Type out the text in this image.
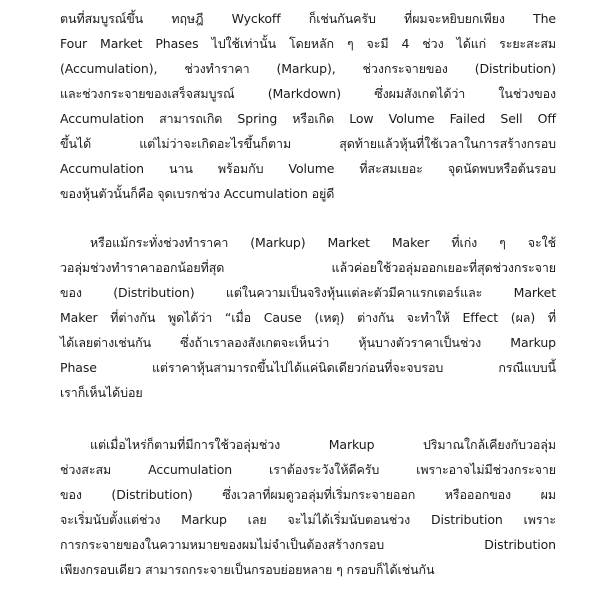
ตนที่สมบูรณ์ขึ้น ทฤษฎี Wyckoff ก็เช่นกันครับ ที่ผมจะหยิบยกเพียง The
Four Market Phases ไปใช้เท่านั้น โดยหลัก ๆ จะมี 4 ช่วง ได้แก่ ระยะสะสม
(Accumulation), ช่วงทำราคา (Markup), ช่วงกระจายของ (Distribution)
และช่วงกระจายของเสร็จสมบูรณ์ (Markdown) ซึ่งผมสังเกตได้ว่า ในช่วงของ
Accumulation สามารถเกิด Spring หรือเกิด Low Volume Failed Sell Off
ขึ้นได้ แต่ไม่ว่าจะเกิดอะไรขึ้นก็ตาม สุดท้ายแล้วหุ้นที่ใช้เวลาในการสร้างกรอบ
Accumulation นาน พร้อมกับ Volume ที่สะสมเยอะ จุดนัดพบหรือต้นรอบ
ของหุ้นตัวนั้นก็คือ จุดเบรกช่วง Accumulation อยู่ดี
หรือแม้กระทั่งช่วงทำราคา (Markup) Market Maker ที่เก่ง ๆ จะใช้
วอลุ่มช่วงทำราคาออกน้อยที่สุด แล้วค่อยใช้วอลุ่มออกเยอะที่สุดช่วงกระจาย
ของ (Distribution) แต่ในความเป็นจริงหุ้นแต่ละตัวมีคาแรกเตอร์และ Market
Maker ที่ต่างกัน พูดได้ว่า “เมื่อ Cause (เหตุ) ต่างกัน จะทำให้ Effect (ผล) ที่
ได้เลยต่างเช่นกัน ซึ่งถ้าเราลองสังเกตจะเห็นว่า หุ้นบางตัวราคาเป็นช่วง Markup
Phase แต่ราคาหุ้นสามารถขึ้นไปได้แค่นิดเดียวก่อนที่จะจบรอบ กรณีแบบนี้
เราก็เห็นได้บ่อย
แต่เมื่อไหร่ก็ตามที่มีการใช้วอลุ่มช่วง Markup ปริมาณใกล้เคียงกับวอลุ่ม
ช่วงสะสม Accumulation เราต้องระวังให้ดีครับ เพราะอาจไม่มีช่วงกระจาย
ของ (Distribution) ซึ่งเวลาที่ผมดูวอลุ่มที่เริ่มกระจายออก หรือออกของ ผม
จะเริ่มนับตั้งแต่ช่วง Markup เลย จะไม่ได้เริ่มนับตอนช่วง Distribution เพราะ
การกระจายของในความหมายของผมไม่จำเป็นต้องสร้างกรอบ Distribution
เพียงกรอบเดียว สามารถกระจายเป็นกรอบย่อยหลาย ๆ กรอบก็ได้เช่นกัน
